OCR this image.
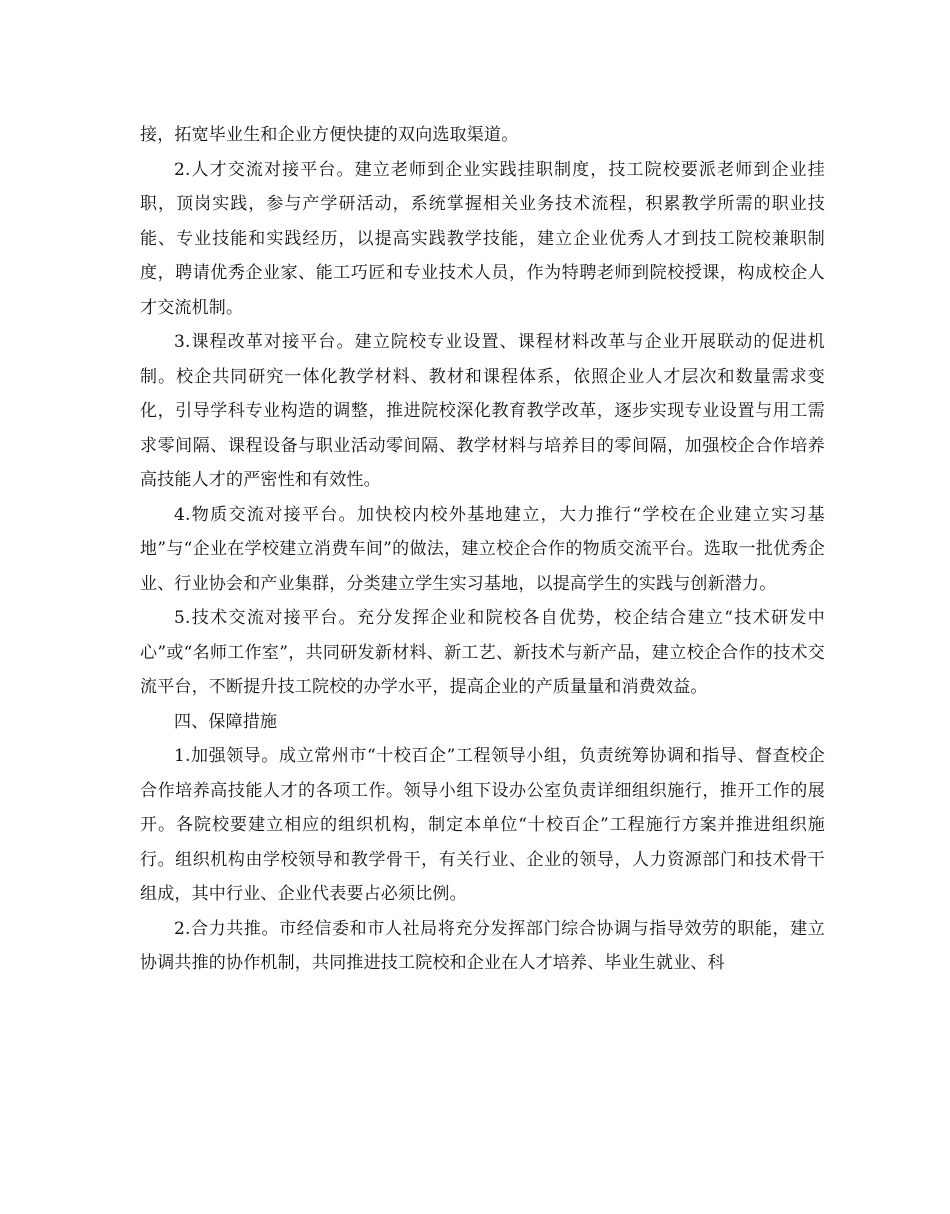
接，拓宽毕业生和企业方便快捷的双向选取渠道。

2.人才交流对接平台。建立老师到企业实践挂职制度，技工院校要派老师到企业挂职，顶岗实践，参与产学研活动，系统掌握相关业务技术流程，积累教学所需的职业技能、专业技能和实践经历，以提高实践教学技能，建立企业优秀人才到技工院校兼职制度，聘请优秀企业家、能工巧匠和专业技术人员，作为特聘老师到院校授课，构成校企人才交流机制。

3.课程改革对接平台。建立院校专业设置、课程材料改革与企业开展联动的促进机制。校企共同研究一体化教学材料、教材和课程体系，依照企业人才层次和数量需求变化，引导学科专业构造的调整，推进院校深化教育教学改革，逐步实现专业设置与用工需求零间隔、课程设备与职业活动零间隔、教学材料与培养目的零间隔，加强校企合作培养高技能人才的严密性和有效性。

4.物质交流对接平台。加快校内校外基地建立，大力推行“学校在企业建立实习基地”与“企业在学校建立消费车间”的做法，建立校企合作的物质交流平台。选取一批优秀企业、行业协会和产业集群，分类建立学生实习基地，以提高学生的实践与创新潜力。

5.技术交流对接平台。充分发挥企业和院校各自优势，校企结合建立“技术研发中心”或“名师工作室”，共同研发新材料、新工艺、新技术与新产品，建立校企合作的技术交流平台，不断提升技工院校的办学水平，提高企业的产质量量和消费效益。

四、保障措施

1.加强领导。成立常州市“十校百企”工程领导小组，负责统筹协调和指导、督查校企合作培养高技能人才的各项工作。领导小组下设办公室负责详细组织施行，推开工作的展开。各院校要建立相应的组织机构，制定本单位“十校百企”工程施行方案并推进组织施行。组织机构由学校领导和教学骨干，有关行业、企业的领导，人力资源部门和技术骨干组成，其中行业、企业代表要占必须比例。

2.合力共推。市经信委和市人社局将充分发挥部门综合协调与指导效劳的职能，建立协调共推的协作机制，共同推进技工院校和企业在人才培养、毕业生就业、科
